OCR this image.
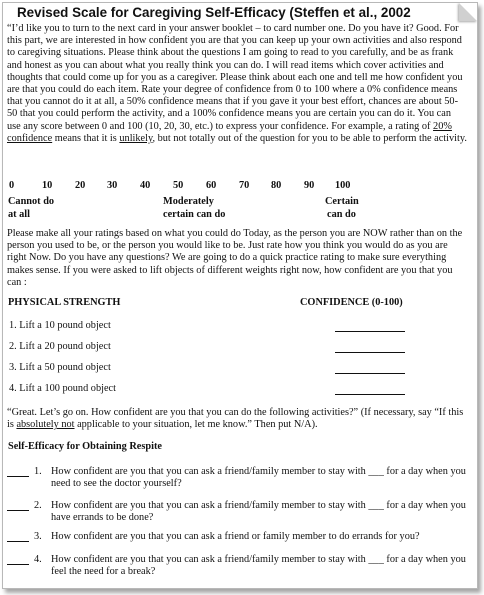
Revised Scale for Caregiving Self-Efficacy (Steffen et al., 2002
“I’d like you to turn to the next card in your answer booklet – to card number one. Do you have it? Good. For this part, we are interested in how confident you are that you can keep up your own activities and also respond to caregiving situations. Please think about the questions I am going to read to you carefully, and be as frank and honest as you can about what you really think you can do. I will read items which cover activities and thoughts that could come up for you as a caregiver. Please think about each one and tell me how confident you are that you could do each item. Rate your degree of confidence from 0 to 100 where a 0% confidence means that you cannot do it at all, a 50% confidence means that if you gave it your best effort, chances are about 50-50 that you could perform the activity, and a 100% confidence means you are certain you can do it. You can use any score between 0 and 100 (10, 20, 30, etc.) to express your confidence. For example, a rating of 20% confidence means that it is unlikely, but not totally out of the question for you to be able to perform the activity.
0	10 20 30 40 50 60 70 80 90 100
Cannot do
at all
Moderately
certain can do
Certain
can do
Please make all your ratings based on what you could do Today, as the person you are NOW rather than on the person you used to be, or the person you would like to be. Just rate how you think you would do as you are right Now. Do you have any questions? We are going to do a quick practice rating to make sure everything makes sense. If you were asked to lift objects of different weights right now, how confident are you that you can :
PHYSICAL STRENGTH	CONFIDENCE (0-100)
1. Lift a 10 pound object
2. Lift a 20 pound object
3. Lift a 50 pound object
4. Lift a 100 pound object
“Great. Let’s go on. How confident are you that you can do the following activities?” (If necessary, say “If this is absolutely not applicable to your situation, let me know.” Then put N/A).
Self-Efficacy for Obtaining Respite
1. How confident are you that you can ask a friend/family member to stay with ___ for a day when you need to see the doctor yourself?
2. How confident are you that you can ask a friend/family member to stay with ___ for a day when you have errands to be done?
3. How confident are you that you can ask a friend or family member to do errands for you?
4. How confident are you that you can ask a friend/family member to stay with ___ for a day when you feel the need for a break?
